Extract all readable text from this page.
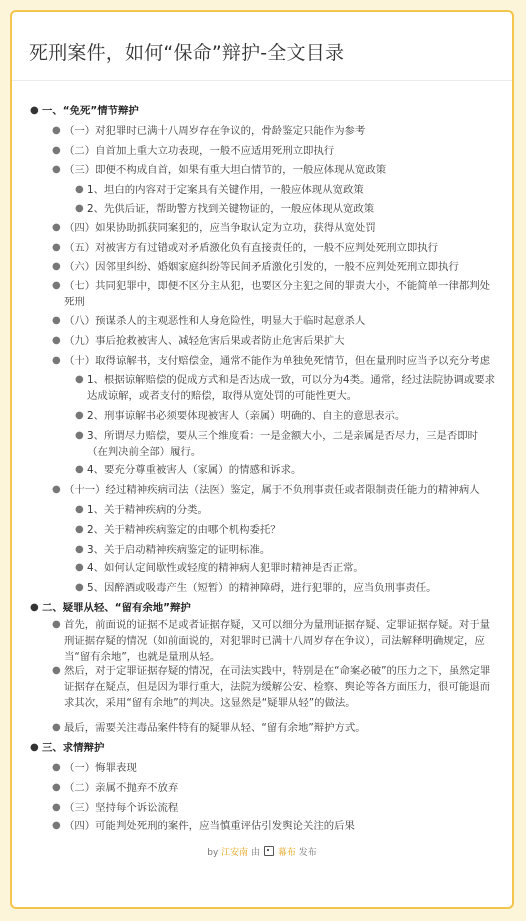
死刑案件，如何“保命”辩护-全文目录
● 一、“免死”情节辩护
● （一）对犯罪时已满十八周岁存在争议的，骨龄鉴定只能作为参考
● （二）自首加上重大立功表现，一般不应适用死刑立即执行
● （三）即便不构成自首，如果有重大坦白情节的，一般应体现从宽政策
● 1、坦白的内容对于定案具有关键作用，一般应体现从宽政策
● 2、先供后证，帮助警方找到关键物证的，一般应体现从宽政策
● （四）如果协助抓获同案犯的，应当争取认定为立功，获得从宽处罚
● （五）对被害方有过错或对矛盾激化负有直接责任的，一般不应判处死刑立即执行
● （六）因邻里纠纷、婚姻家庭纠纷等民间矛盾激化引发的，一般不应判处死刑立即执行
● （七）共同犯罪中，即便不区分主从犯，也要区分主犯之间的罪责大小，不能简单一律都判处
死刑
● （八）预谋杀人的主观恶性和人身危险性，明显大于临时起意杀人
● （九）事后抢救被害人、减轻危害后果或者防止危害后果扩大
● （十）取得谅解书，支付赔偿金，通常不能作为单独免死情节，但在量刑时应当予以充分考虑
● 1、根据谅解赔偿的促成方式和是否达成一致，可以分为4类。通常，经过法院协调或要求
达成谅解，或者支付的赔偿，取得从宽处罚的可能性更大。
● 2、刑事谅解书必须要体现被害人（亲属）明确的、自主的意思表示。
● 3、所谓尽力赔偿，要从三个维度看：一是金额大小，二是亲属是否尽力，三是否即时
（在判决前全部）履行。
● 4、要充分尊重被害人（家属）的情感和诉求。
● （十一）经过精神疾病司法（法医）鉴定，属于不负刑事责任或者限制责任能力的精神病人
● 1、关于精神疾病的分类。
● 2、关于精神疾病鉴定的由哪个机构委托？
● 3、关于启动精神疾病鉴定的证明标准。
● 4、如何认定间歇性或轻度的精神病人犯罪时精神是否正常。
● 5、因醉酒或吸毒产生（短暂）的精神障碍，进行犯罪的，应当负刑事责任。
● 二、疑罪从轻、“留有余地”辩护
● 首先，前面说的证据不足或者证据存疑，又可以细分为量刑证据存疑、定罪证据存疑。对于量
刑证据存疑的情况（如前面说的，对犯罪时已满十八周岁存在争议），司法解释明确规定，应
当“留有余地”，也就是量刑从轻。
● 然后，对于定罪证据存疑的情况，在司法实践中，特别是在“命案必破”的压力之下，虽然定罪
证据存在疑点，但是因为罪行重大，法院为缓解公安、检察、舆论等各方面压力，很可能退而
求其次，采用“留有余地”的判决。这显然是“疑罪从轻”的做法。
● 最后，需要关注毒品案件特有的疑罪从轻、“留有余地”辩护方式。
● 三、求情辩护
● （一）悔罪表现
● （二）亲属不抛弃不放弃
● （三）坚持每个诉讼流程
● （四）可能判处死刑的案件，应当慎重评估引发舆论关注的后果
by 江安南 由 幕布 发布
